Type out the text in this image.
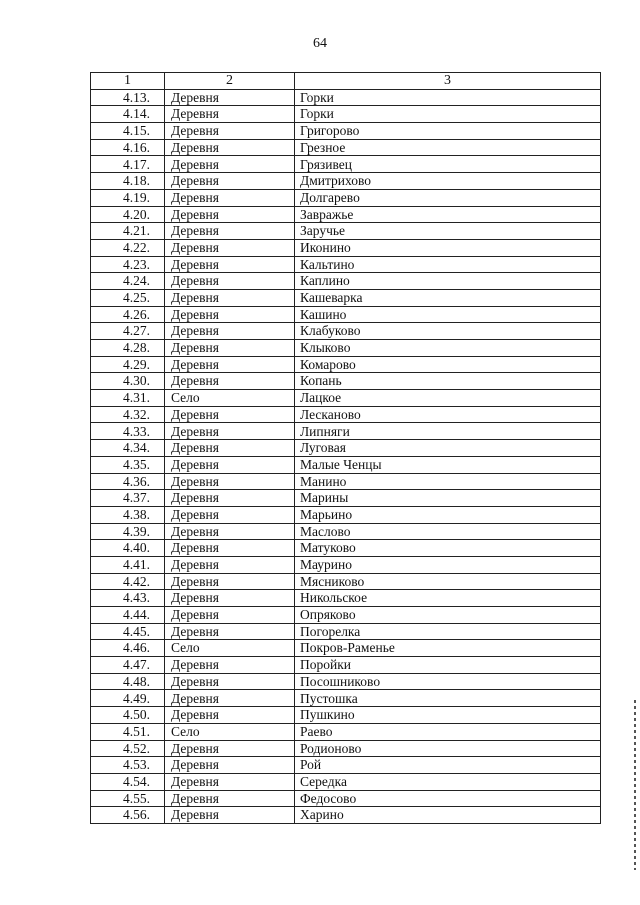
64
1	2	3
4.13.	Деревня	Горки
4.14.	Деревня	Горки
4.15.	Деревня	Григорово
4.16.	Деревня	Грезное
4.17.	Деревня	Грязивец
4.18.	Деревня	Дмитрихово
4.19.	Деревня	Долгарево
4.20.	Деревня	Завражье
4.21.	Деревня	Заручье
4.22.	Деревня	Иконино
4.23.	Деревня	Кальтино
4.24.	Деревня	Каплино
4.25.	Деревня	Кашеварка
4.26.	Деревня	Кашино
4.27.	Деревня	Клабуково
4.28.	Деревня	Клыково
4.29.	Деревня	Комарово
4.30.	Деревня	Копань
4.31.	Село	Лацкое
4.32.	Деревня	Лесканово
4.33.	Деревня	Липняги
4.34.	Деревня	Луговая
4.35.	Деревня	Малые Ченцы
4.36.	Деревня	Манино
4.37.	Деревня	Марины
4.38.	Деревня	Марьино
4.39.	Деревня	Маслово
4.40.	Деревня	Матуково
4.41.	Деревня	Маурино
4.42.	Деревня	Мясниково
4.43.	Деревня	Никольское
4.44.	Деревня	Опряково
4.45.	Деревня	Погорелка
4.46.	Село	Покров-Раменье
4.47.	Деревня	Поройки
4.48.	Деревня	Посошниково
4.49.	Деревня	Пустошка
4.50.	Деревня	Пушкино
4.51.	Село	Раево
4.52.	Деревня	Родионово
4.53.	Деревня	Рой
4.54.	Деревня	Середка
4.55.	Деревня	Федосово
4.56.	Деревня	Харино
